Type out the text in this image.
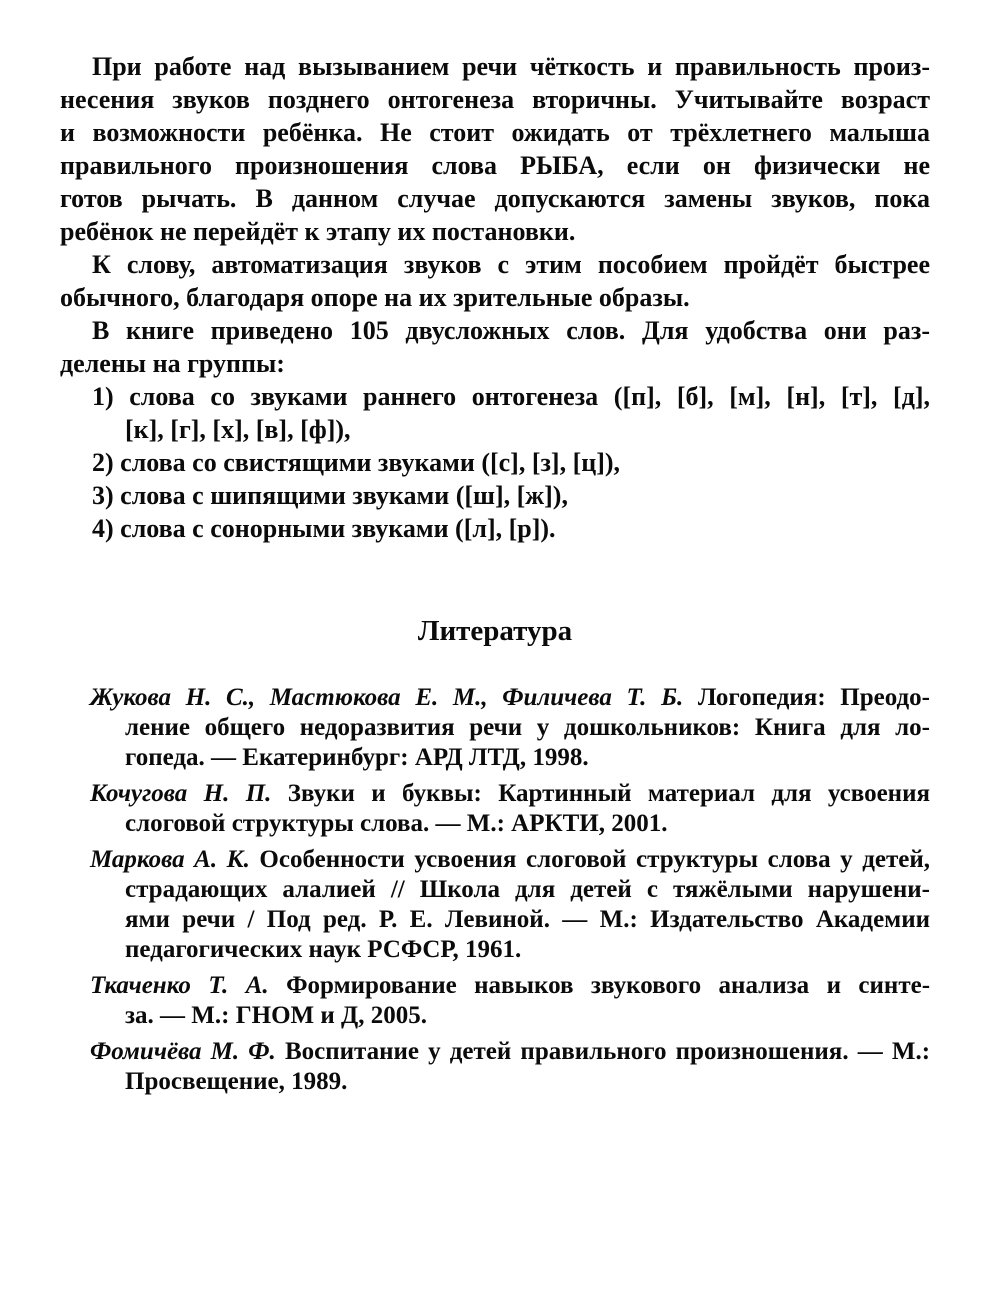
При работе над вызыванием речи чёткость и правильность произ-
несения звуков позднего онтогенеза вторичны. Учитывайте возраст
и возможности ребёнка. Не стоит ожидать от трёхлетнего малыша
правильного произношения слова РЫБА, если он физически не
готов рычать. В данном случае допускаются замены звуков, пока
ребёнок не перейдёт к этапу их постановки.
К слову, автоматизация звуков с этим пособием пройдёт быстрее
обычного, благодаря опоре на их зрительные образы.
В книге приведено 105 двусложных слов. Для удобства они раз-
делены на группы:
1) слова со звуками раннего онтогенеза ([п], [б], [м], [н], [т], [д],
[к], [г], [х], [в], [ф]),
2) слова со свистящими звуками ([с], [з], [ц]),
3) слова с шипящими звуками ([ш], [ж]),
4) слова с сонорными звуками ([л], [р]).
Литература
Жукова Н. С., Мастюкова Е. М., Филичева Т. Б. Логопедия: Преодо-
ление общего недоразвития речи у дошкольников: Книга для ло-
гопеда. — Екатеринбург: АРД ЛТД, 1998.
Кочугова Н. П. Звуки и буквы: Картинный материал для усвоения
слоговой структуры слова. — М.: АРКТИ, 2001.
Маркова А. К. Особенности усвоения слоговой структуры слова у детей,
страдающих алалией // Школа для детей с тяжёлыми нарушени-
ями речи / Под ред. Р. Е. Левиной. — М.: Издательство Академии
педагогических наук РСФСР, 1961.
Ткаченко Т. А. Формирование навыков звукового анализа и синте-
за. — М.: ГНОМ и Д, 2005.
Фомичёва М. Ф. Воспитание у детей правильного произношения. — М.:
Просвещение, 1989.
